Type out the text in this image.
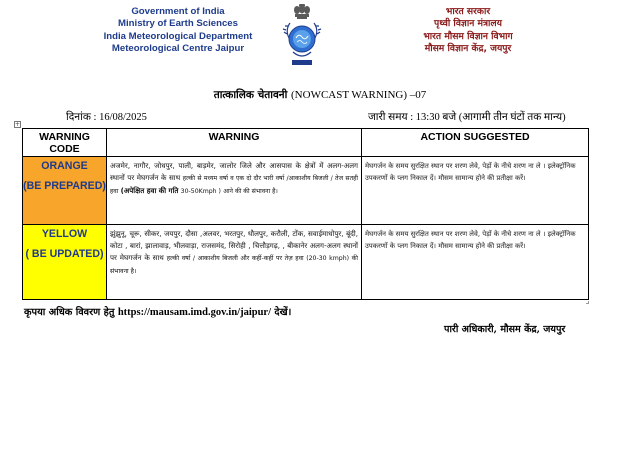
Government of India
Ministry of Earth Sciences
India Meteorological Department
Meteorological Centre Jaipur
भारत सरकार
पृथ्वी विज्ञान मंत्रालय
भारत मौसम विज्ञान विभाग
मौसम विज्ञान केंद्र, जयपुर
तात्कालिक चेतावनी (NOWCAST WARNING) –07
दिनांक : 16/08/2025	जारी समय : 13:30 बजे (आगामी तीन घंटों तक मान्य)
+
WARNING CODE	WARNING	ACTION SUGGESTED

ORANGE
(BE PREPARED)	अजमेर, नागौर, जोधपुर, पाली, बाड़मेर, जालोर जिले और आसपास के क्षेत्रों में अलग-अलग स्थानों पर मेघगर्जन के साथ हल्की से मध्यम वर्षा व एक दो दौर भारी वर्षा /आकाशीय बिजली / तेज सतही हवा (अपेक्षित हवा की गति 30-50Kmph ) आने की की संभावना है।	मेघगर्जन के समय सुरक्षित स्थान पर शरण लेवे, पेड़ों के नीचे शरण ना ले । इलेक्ट्रॉनिक उपकरणों के प्लग निकाल दें। मौसम सामान्य होने की प्रतीक्षा करें।

YELLOW
( BE UPDATED)	झुंझुनू, चूरू, सीकर, जयपुर, दौसा ,अलवर, भरतपुर, धौलपुर, करौली, टोंक, सवाईमाधोपुर, बूंदी, कोटा , बारां, झालावाड़, भीलवाड़ा, राजसमंद, सिरोही , चित्तौड़गढ़, , बीकानेर अलग-अलग स्थानों पर मेघगर्जन के साथ हल्की वर्षा / आकाशीय बिजली और कहीं-कहीं पर तेज़ हवा (20-30 kmph) की संभावना है।	मेघगर्जन के समय सुरक्षित स्थान पर शरण लेवे, पेड़ों के नीचे शरण ना ले । इलेक्ट्रॉनिक उपकरणों के प्लग निकाल दें। मौसम सामान्य होने की प्रतीक्षा करें।
कृपया अधिक विवरण हेतु https://mausam.imd.gov.in/jaipur/ देखें।
पारी अधिकारी, मौसम केंद्र, जयपुर
